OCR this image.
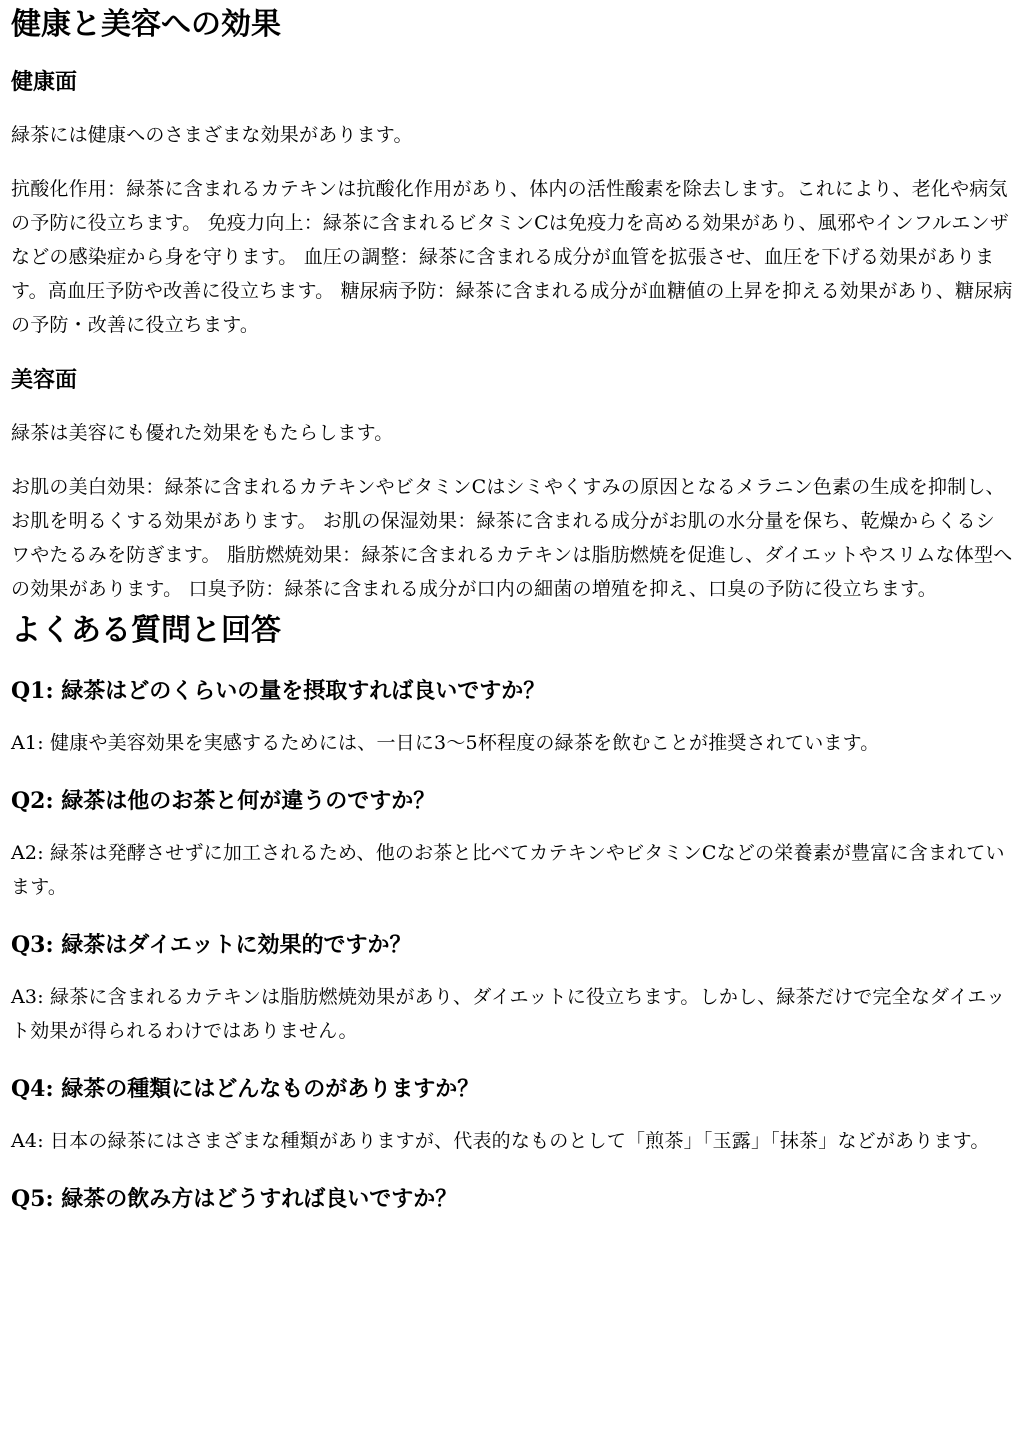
健康と美容への効果
健康面

緑茶には健康へのさまざまな効果があります。

抗酸化作用：緑茶に含まれるカテキンは抗酸化作用があり、体内の活性酸素を除去します。これにより、老化や病気の予防に役立ちます。 免疫力向上：緑茶に含まれるビタミンCは免疫力を高める効果があり、風邪やインフルエンザなどの感染症から身を守ります。 血圧の調整：緑茶に含まれる成分が血管を拡張させ、血圧を下げる効果があります。高血圧予防や改善に役立ちます。 糖尿病予防：緑茶に含まれる成分が血糖値の上昇を抑える効果があり、糖尿病の予防・改善に役立ちます。

美容面

緑茶は美容にも優れた効果をもたらします。

お肌の美白効果：緑茶に含まれるカテキンやビタミンCはシミやくすみの原因となるメラニン色素の生成を抑制し、お肌を明るくする効果があります。 お肌の保湿効果：緑茶に含まれる成分がお肌の水分量を保ち、乾燥からくるシワやたるみを防ぎます。 脂肪燃焼効果：緑茶に含まれるカテキンは脂肪燃焼を促進し、ダイエットやスリムな体型への効果があります。 口臭予防：緑茶に含まれる成分が口内の細菌の増殖を抑え、口臭の予防に役立ちます。

よくある質問と回答
Q1: 緑茶はどのくらいの量を摂取すれば良いですか？

A1: 健康や美容効果を実感するためには、一日に3〜5杯程度の緑茶を飲むことが推奨されています。

Q2: 緑茶は他のお茶と何が違うのですか？

A2: 緑茶は発酵させずに加工されるため、他のお茶と比べてカテキンやビタミンCなどの栄養素が豊富に含まれています。

Q3: 緑茶はダイエットに効果的ですか？

A3: 緑茶に含まれるカテキンは脂肪燃焼効果があり、ダイエットに役立ちます。しかし、緑茶だけで完全なダイエット効果が得られるわけではありません。

Q4: 緑茶の種類にはどんなものがありますか？

A4: 日本の緑茶にはさまざまな種類がありますが、代表的なものとして「煎茶」「玉露」「抹茶」などがあります。

Q5: 緑茶の飲み方はどうすれば良いですか？
